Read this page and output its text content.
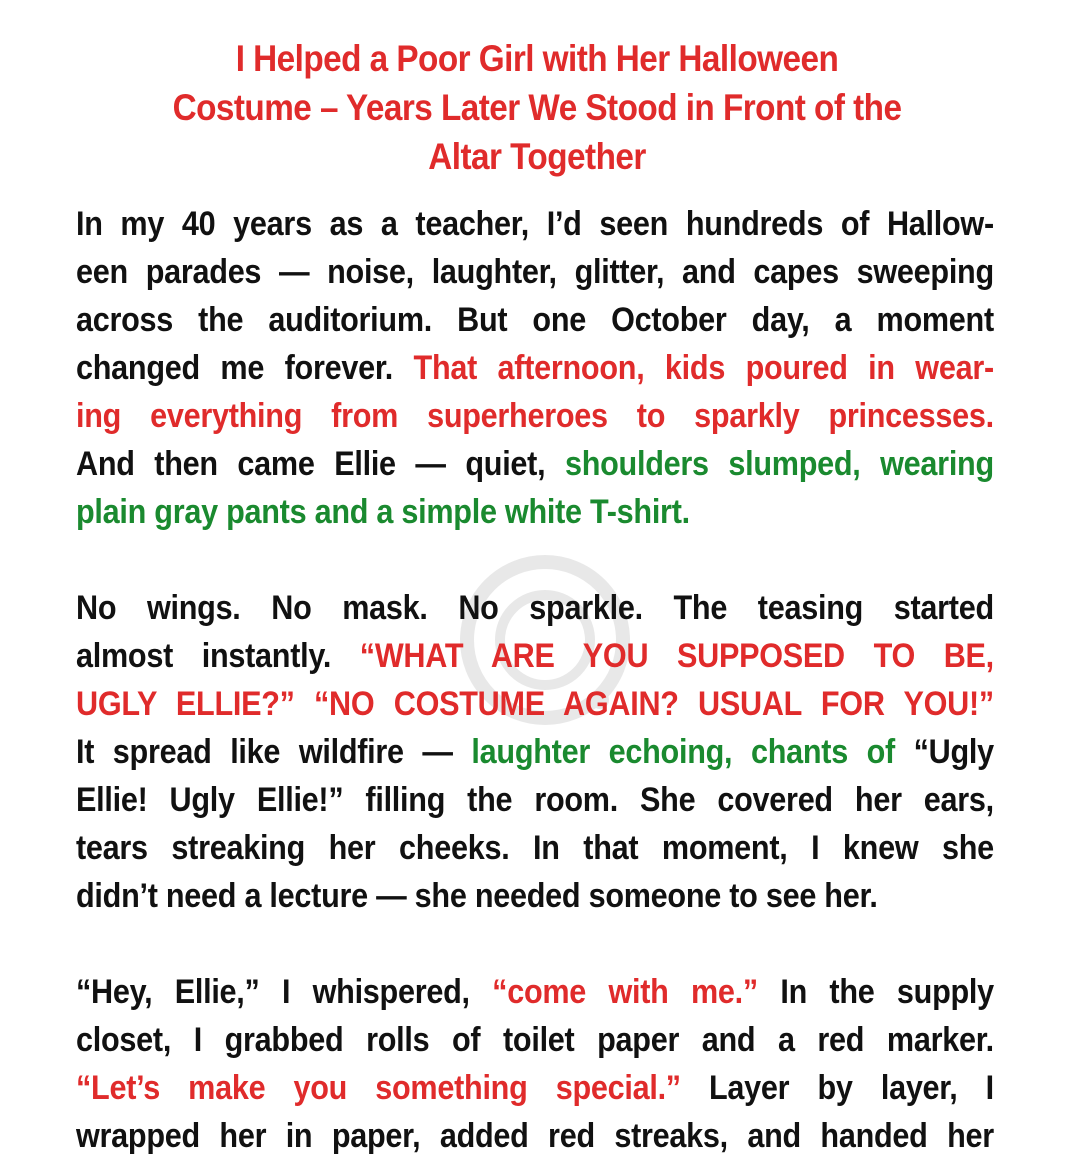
I Helped a Poor Girl with Her Halloween
Costume – Years Later We Stood in Front of the
Altar Together
In my 40 years as a teacher, I’d seen hundreds of Hallow-
een parades — noise, laughter, glitter, and capes sweeping
across the auditorium. But one October day, a moment
changed me forever. That afternoon, kids poured in wear-
ing everything from superheroes to sparkly princesses.
And then came Ellie — quiet, shoulders slumped, wearing
plain gray pants and a simple white T-shirt.
No wings. No mask. No sparkle. The teasing started
almost instantly. “WHAT ARE YOU SUPPOSED TO BE,
UGLY ELLIE?” “NO COSTUME AGAIN? USUAL FOR YOU!”
It spread like wildfire — laughter echoing, chants of “Ugly
Ellie! Ugly Ellie!” filling the room. She covered her ears,
tears streaking her cheeks. In that moment, I knew she
didn’t need a lecture — she needed someone to see her.
“Hey, Ellie,” I whispered, “come with me.” In the supply
closet, I grabbed rolls of toilet paper and a red marker.
“Let’s make you something special.” Layer by layer, I
wrapped her in paper, added red streaks, and handed her
